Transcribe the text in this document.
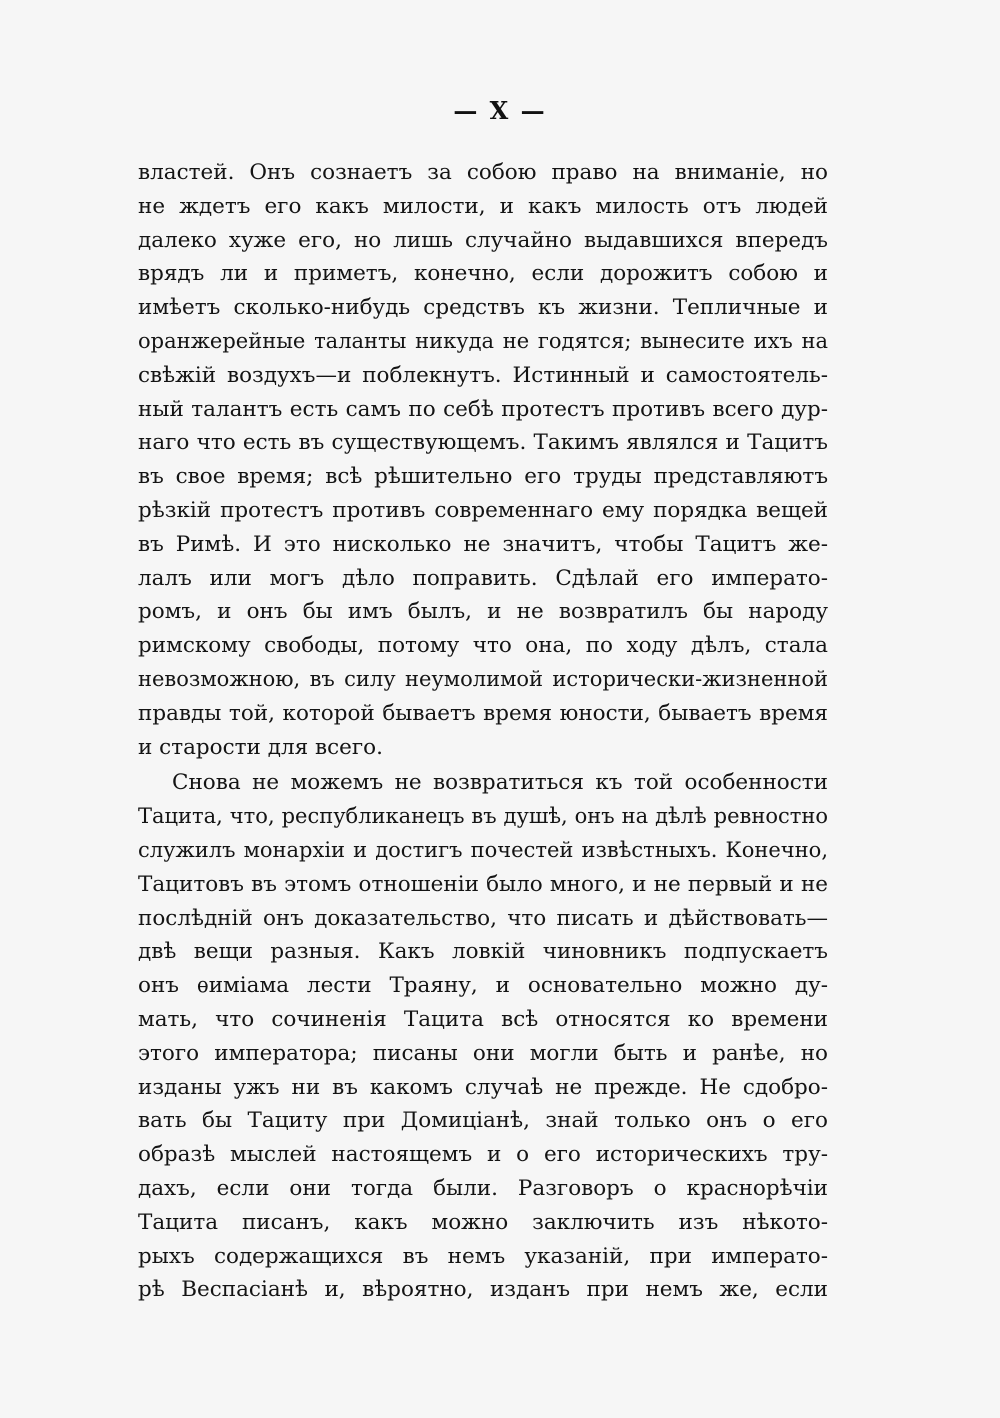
— X —
властей. Онъ сознаетъ за собою право на вниманіе, но
не ждетъ его какъ милости, и какъ милость отъ людей
далеко хуже его, но лишь случайно выдавшихся впередъ
врядъ ли и приметъ, конечно, если дорожитъ собою и
имѣетъ сколько-нибудь средствъ къ жизни. Тепличные и
оранжерейные таланты никуда не годятся; вынесите ихъ на
свѣжій воздухъ—и поблекнутъ. Истинный и самостоятель-
ный талантъ есть самъ по себѣ протестъ противъ всего дур-
наго что есть въ существующемъ. Такимъ являлся и Тацитъ
въ свое время; всѣ рѣшительно его труды представляютъ
рѣзкій протестъ противъ современнаго ему порядка вещей
въ Римѣ. И это нисколько не значитъ, чтобы Тацитъ же-
лалъ или могъ дѣло поправить. Сдѣлай его императо-
ромъ, и онъ бы имъ былъ, и не возвратилъ бы народу
римскому свободы, потому что она, по ходу дѣлъ, стала
невозможною, въ силу неумолимой исторически-жизненной
правды той, которой бываетъ время юности, бываетъ время
и старости для всего.
Снова не можемъ не возвратиться къ той особенности
Тацита, что, республиканецъ въ душѣ, онъ на дѣлѣ ревностно
служилъ монархіи и достигъ почестей извѣстныхъ. Конечно,
Тацитовъ въ этомъ отношеніи было много, и не первый и не
послѣдній онъ доказательство, что писать и дѣйствовать—
двѣ вещи разныя. Какъ ловкій чиновникъ подпускаетъ
онъ ѳиміама лести Траяну, и основательно можно ду-
мать, что сочиненія Тацита всѣ относятся ко времени
этого императора; писаны они могли быть и ранѣе, но
изданы ужъ ни въ какомъ случаѣ не прежде. Не сдобро-
вать бы Тациту при Домиціанѣ, знай только онъ о его
образѣ мыслей настоящемъ и о его историческихъ тру-
дахъ, если они тогда были. Разговоръ о краснорѣчіи
Тацита писанъ, какъ можно заключить изъ нѣкото-
рыхъ содержащихся въ немъ указаній, при императо-
рѣ Веспасіанѣ и, вѣроятно, изданъ при немъ же, если
